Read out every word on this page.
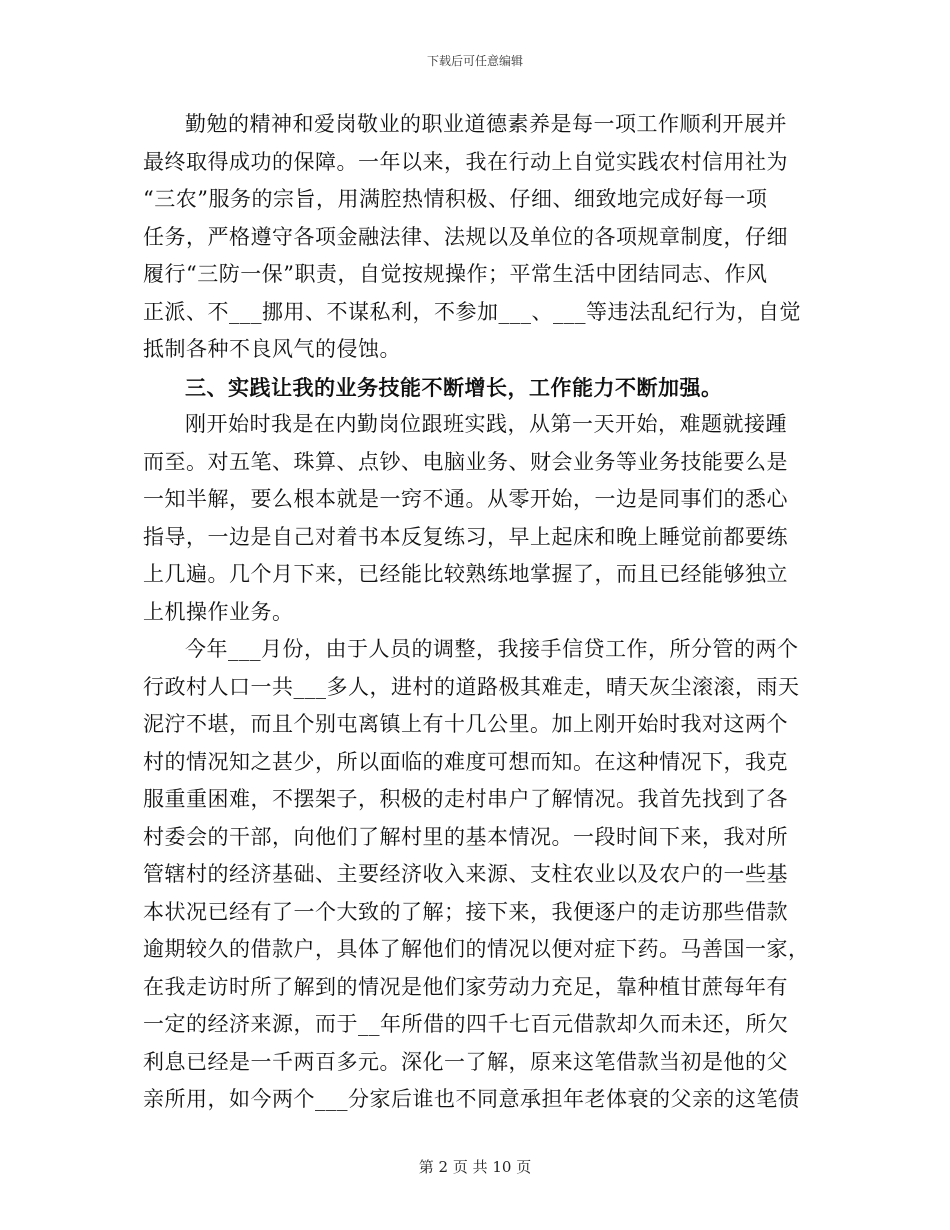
下载后可任意编辑

勤勉的精神和爱岗敬业的职业道德素养是每一项工作顺利开展并
最终取得成功的保障。一年以来，我在行动上自觉实践农村信用社为
“三农”服务的宗旨，用满腔热情积极、仔细、细致地完成好每一项
任务，严格遵守各项金融法律、法规以及单位的各项规章制度，仔细
履行“三防一保”职责，自觉按规操作；平常生活中团结同志、作风
正派、不___挪用、不谋私利，不参加___、___等违法乱纪行为，自觉
抵制各种不良风气的侵蚀。

三、实践让我的业务技能不断增长，工作能力不断加强。

刚开始时我是在内勤岗位跟班实践，从第一天开始，难题就接踵
而至。对五笔、珠算、点钞、电脑业务、财会业务等业务技能要么是
一知半解，要么根本就是一窍不通。从零开始，一边是同事们的悉心
指导，一边是自己对着书本反复练习，早上起床和晚上睡觉前都要练
上几遍。几个月下来，已经能比较熟练地掌握了，而且已经能够独立
上机操作业务。

今年___月份，由于人员的调整，我接手信贷工作，所分管的两个
行政村人口一共___多人，进村的道路极其难走，晴天灰尘滚滚，雨天
泥泞不堪，而且个别屯离镇上有十几公里。加上刚开始时我对这两个
村的情况知之甚少，所以面临的难度可想而知。在这种情况下，我克
服重重困难，不摆架子，积极的走村串户了解情况。我首先找到了各
村委会的干部，向他们了解村里的基本情况。一段时间下来，我对所
管辖村的经济基础、主要经济收入来源、支柱农业以及农户的一些基
本状况已经有了一个大致的了解；接下来，我便逐户的走访那些借款
逾期较久的借款户，具体了解他们的情况以便对症下药。马善国一家，
在我走访时所了解到的情况是他们家劳动力充足，靠种植甘蔗每年有
一定的经济来源，而于__年所借的四千七百元借款却久而未还，所欠
利息已经是一千两百多元。深化一了解，原来这笔借款当初是他的父
亲所用，如今两个___分家后谁也不同意承担年老体衰的父亲的这笔债

第 2 页 共 10 页
